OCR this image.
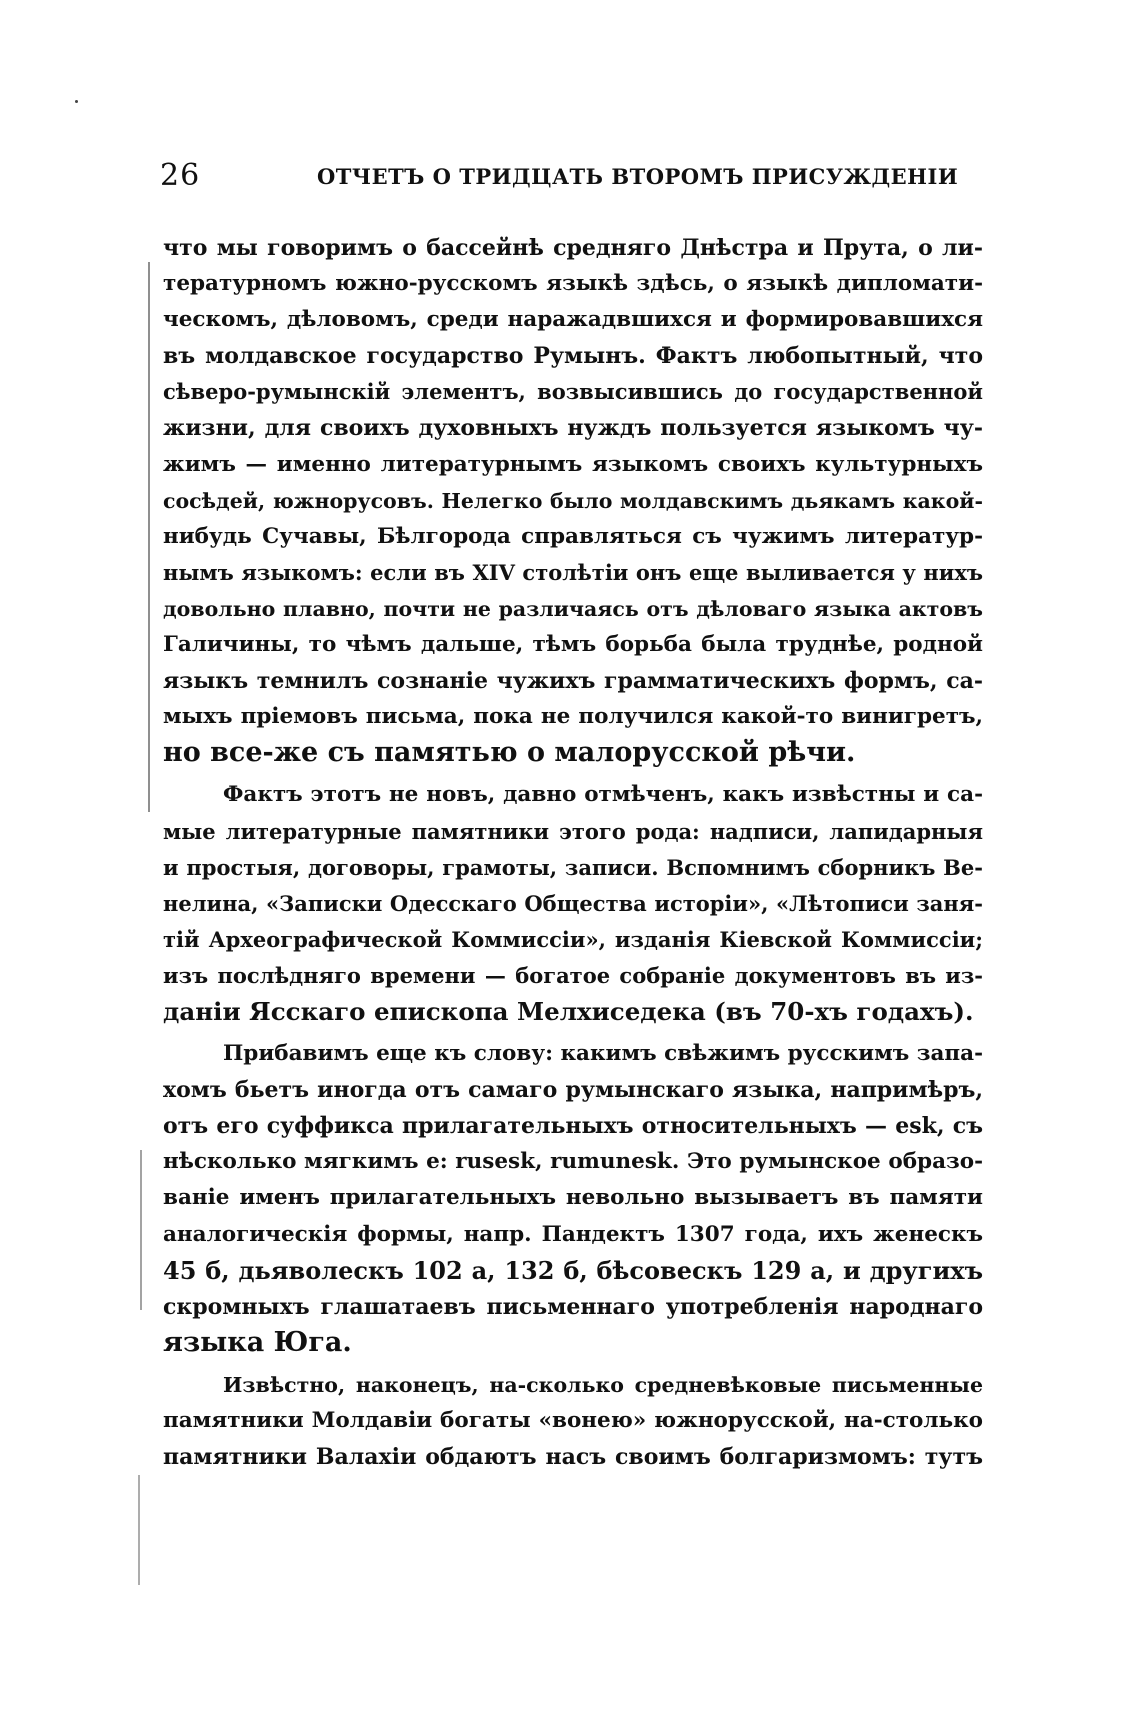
26	ОТЧЕТЪ О ТРИДЦАТЬ ВТОРОМЪ ПРИСУЖДЕНIИ
что мы говоримъ о бассейнѣ средняго Днѣстра и Прута, о ли-
тературномъ южно-русскомъ языкѣ здѣсь, о языкѣ дипломати-
ческомъ, дѣловомъ, среди наражадвшихся и формировавшихся
въ молдавское государство Румынъ. Фактъ любопытный, что
сѣверо-румынскiй элементъ, возвысившись до государственной
жизни, для своихъ духовныхъ нуждъ пользуется языкомъ чу-
жимъ — именно литературнымъ языкомъ своихъ культурныхъ
сосѣдей, южнорусовъ. Нелегко было молдавскимъ дьякамъ какой-
нибудь Сучавы, Бѣлгорода справляться съ чужимъ литератур-
нымъ языкомъ: если въ XIV столѣтiи онъ еще выливается у нихъ
довольно плавно, почти не различаясь отъ дѣловаго языка актовъ
Галичины, то чѣмъ дальше, тѣмъ борьба была труднѣе, родной
языкъ темнилъ сознанiе чужихъ грамматическихъ формъ, са-
мыхъ прiемовъ письма, пока не получился какой-то винигретъ,
но все-же съ памятью о малорусской рѣчи.
Фактъ этотъ не новъ, давно отмѣченъ, какъ извѣстны и са-
мые литературные памятники этого рода: надписи, лапидарныя
и простыя, договоры, грамоты, записи. Вспомнимъ сборникъ Ве-
нелина, «Записки Одесскаго Общества исторiи», «Лѣтописи заня-
тiй Археографической Коммиссiи», изданiя Кiевской Коммиссiи;
изъ послѣдняго времени — богатое собранiе документовъ въ из-
данiи Ясскаго епископа Мелхиседека (въ 70-хъ годахъ).
Прибавимъ еще къ слову: какимъ свѣжимъ русскимъ запа-
хомъ бьетъ иногда отъ самаго румынскаго языка, напримѣръ,
отъ его суффикса прилагательныхъ относительныхъ — esk, съ
нѣсколько мягкимъ е: rusesk, rumunesk. Это румынское образо-
ванiе именъ прилагательныхъ невольно вызываетъ въ памяти
аналогическiя формы, напр. Пандектъ 1307 года, ихъ женескъ
45 б, дьяволескъ 102 а, 132 б, бѣсовескъ 129 а, и другихъ
скромныхъ глашатаевъ письменнаго употребленiя народнаго
языка Юга.
Извѣстно, наконецъ, на-сколько средневѣковые письменные
памятники Молдавiи богаты «вонею» южнорусской, на-столько
памятники Валахiи обдаютъ насъ своимъ болгаризмомъ: тутъ
